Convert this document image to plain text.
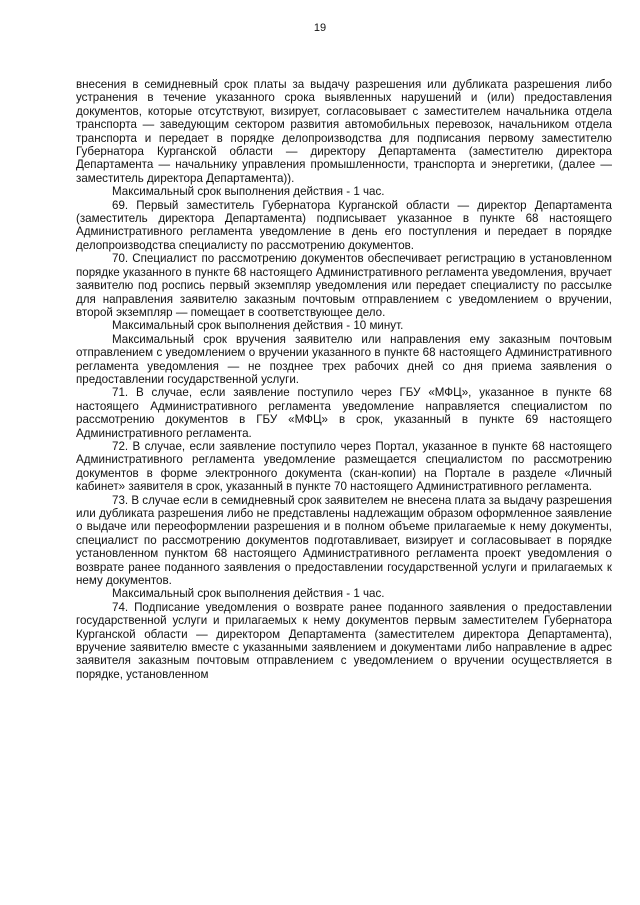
19

внесения в семидневный срок платы за выдачу разрешения или дубликата разрешения либо устранения в течение указанного срока выявленных нарушений и (или) предоставления документов, которые отсутствуют, визирует, согласовывает с заместителем начальника отдела транспорта — заведующим сектором развития автомобильных перевозок, начальником отдела транспорта и передает в порядке делопроизводства для подписания первому заместителю Губернатора Курганской области — директору Департамента (заместителю директора Департамента — начальнику управления промышленности, транспорта и энергетики, (далее — заместитель директора Департамента)).

Максимальный срок выполнения действия - 1 час.

69. Первый заместитель Губернатора Курганской области — директор Департамента (заместитель директора Департамента) подписывает указанное в пункте 68 настоящего Административного регламента уведомление в день его поступления и передает в порядке делопроизводства специалисту по рассмотрению документов.

70. Специалист по рассмотрению документов обеспечивает регистрацию в установленном порядке указанного в пункте 68 настоящего Административного регламента уведомления, вручает заявителю под роспись первый экземпляр уведомления или передает специалисту по рассылке для направления заявителю заказным почтовым отправлением с уведомлением о вручении, второй экземпляр — помещает в соответствующее дело.

Максимальный срок выполнения действия - 10 минут.

Максимальный срок вручения заявителю или направления ему заказным почтовым отправлением с уведомлением о вручении указанного в пункте 68 настоящего Административного регламента уведомления — не позднее трех рабочих дней со дня приема заявления о предоставлении государственной услуги.

71. В случае, если заявление поступило через ГБУ «МФЦ», указанное в пункте 68 настоящего Административного регламента уведомление направляется специалистом по рассмотрению документов в ГБУ «МФЦ» в срок, указанный в пункте 69 настоящего Административного регламента.

72. В случае, если заявление поступило через Портал, указанное в пункте 68 настоящего Административного регламента уведомление размещается специалистом по рассмотрению документов в форме электронного документа (скан-копии) на Портале в разделе «Личный кабинет» заявителя в срок, указанный в пункте 70 настоящего Административного регламента.

73. В случае если в семидневный срок заявителем не внесена плата за выдачу разрешения или дубликата разрешения либо не представлены надлежащим образом оформленное заявление о выдаче или переоформлении разрешения и в полном объеме прилагаемые к нему документы, специалист по рассмотрению документов подготавливает, визирует и согласовывает в порядке установленном пунктом 68 настоящего Административного регламента проект уведомления о возврате ранее поданного заявления о предоставлении государственной услуги и прилагаемых к нему документов.

Максимальный срок выполнения действия - 1 час.

74. Подписание уведомления о возврате ранее поданного заявления о предоставлении государственной услуги и прилагаемых к нему документов первым заместителем Губернатора Курганской области — директором Департамента (заместителем директора Департамента), вручение заявителю вместе с указанными заявлением и документами либо направление в адрес заявителя заказным почтовым отправлением с уведомлением о вручении осуществляется в порядке, установленном
